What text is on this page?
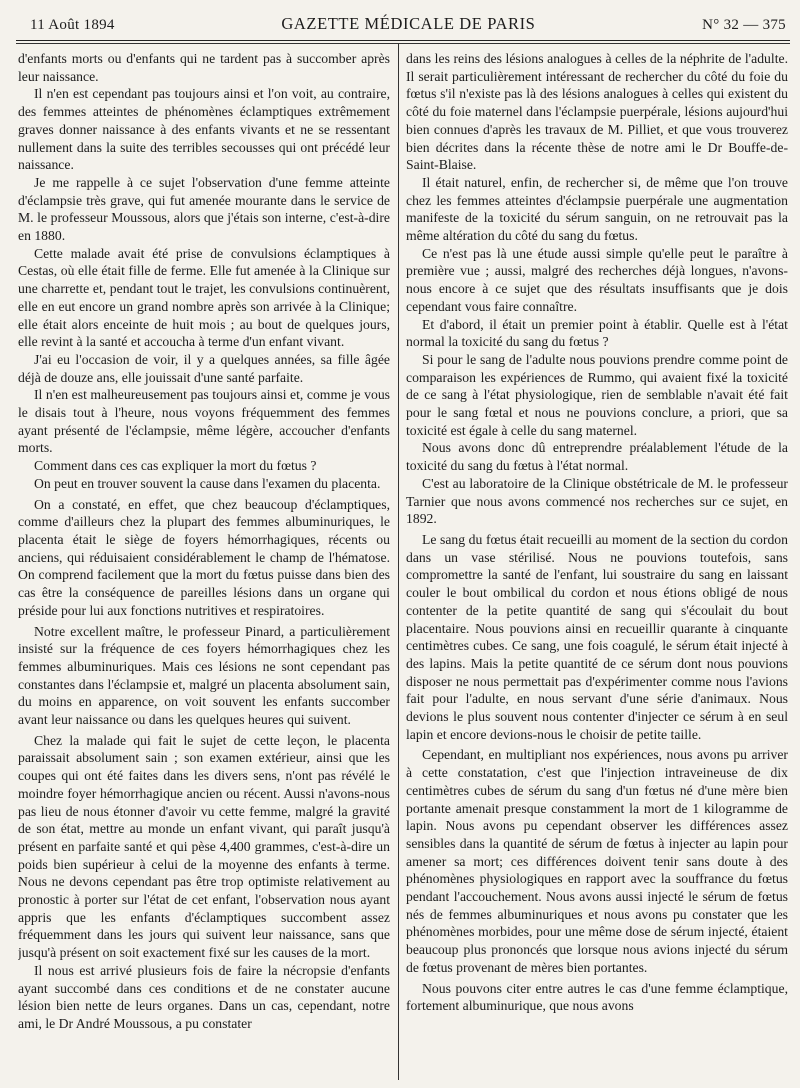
11 Août 1894	GAZETTE MÉDICALE DE PARIS	N° 32 — 375

d'enfants morts ou d'enfants qui ne tardent pas à succomber après leur naissance.

Il n'en est cependant pas toujours ainsi et l'on voit, au contraire, des femmes atteintes de phénomènes éclamptiques extrêmement graves donner naissance à des enfants vivants et ne se ressentant nullement dans la suite des terribles secousses qui ont précédé leur naissance.

Je me rappelle à ce sujet l'observation d'une femme atteinte d'éclampsie très grave, qui fut amenée mourante dans le service de M. le professeur Moussous, alors que j'étais son interne, c'est-à-dire en 1880.

Cette malade avait été prise de convulsions éclamptiques à Cestas, où elle était fille de ferme. Elle fut amenée à la Clinique sur une charrette et, pendant tout le trajet, les convulsions continuèrent, elle en eut encore un grand nombre après son arrivée à la Clinique; elle était alors enceinte de huit mois ; au bout de quelques jours, elle revint à la santé et accoucha à terme d'un enfant vivant.

J'ai eu l'occasion de voir, il y a quelques années, sa fille âgée déjà de douze ans, elle jouissait d'une santé parfaite.

Il n'en est malheureusement pas toujours ainsi et, comme je vous le disais tout à l'heure, nous voyons fréquemment des femmes ayant présenté de l'éclampsie, même légère, accoucher d'enfants morts.

Comment dans ces cas expliquer la mort du fœtus ?

On peut en trouver souvent la cause dans l'examen du placenta.

On a constaté, en effet, que chez beaucoup d'éclamptiques, comme d'ailleurs chez la plupart des femmes albuminuriques, le placenta était le siège de foyers hémorrhagiques, récents ou anciens, qui réduisaient considérablement le champ de l'hématose. On comprend facilement que la mort du fœtus puisse dans bien des cas être la conséquence de pareilles lésions dans un organe qui préside pour lui aux fonctions nutritives et respiratoires.

Notre excellent maître, le professeur Pinard, a particulièrement insisté sur la fréquence de ces foyers hémorrhagiques chez les femmes albuminuriques. Mais ces lésions ne sont cependant pas constantes dans l'éclampsie et, malgré un placenta absolument sain, du moins en apparence, on voit souvent les enfants succomber avant leur naissance ou dans les quelques heures qui suivent.

Chez la malade qui fait le sujet de cette leçon, le placenta paraissait absolument sain ; son examen extérieur, ainsi que les coupes qui ont été faites dans les divers sens, n'ont pas révélé le moindre foyer hémorrhagique ancien ou récent. Aussi n'avons-nous pas lieu de nous étonner d'avoir vu cette femme, malgré la gravité de son état, mettre au monde un enfant vivant, qui paraît jusqu'à présent en parfaite santé et qui pèse 4,400 grammes, c'est-à-dire un poids bien supérieur à celui de la moyenne des enfants à terme. Nous ne devons cependant pas être trop optimiste relativement au pronostic à porter sur l'état de cet enfant, l'observation nous ayant appris que les enfants d'éclamptiques succombent assez fréquemment dans les jours qui suivent leur naissance, sans que jusqu'à présent on soit exactement fixé sur les causes de la mort.

Il nous est arrivé plusieurs fois de faire la nécropsie d'enfants ayant succombé dans ces conditions et de ne constater aucune lésion bien nette de leurs organes. Dans un cas, cependant, notre ami, le Dr André Moussous, a pu constater

dans les reins des lésions analogues à celles de la néphrite de l'adulte. Il serait particulièrement intéressant de rechercher du côté du foie du fœtus s'il n'existe pas là des lésions analogues à celles qui existent du côté du foie maternel dans l'éclampsie puerpérale, lésions aujourd'hui bien connues d'après les travaux de M. Pilliet, et que vous trouverez bien décrites dans la récente thèse de notre ami le Dr Bouffe-de-Saint-Blaise.

Il était naturel, enfin, de rechercher si, de même que l'on trouve chez les femmes atteintes d'éclampsie puerpérale une augmentation manifeste de la toxicité du sérum sanguin, on ne retrouvait pas la même altération du côté du sang du fœtus.

Ce n'est pas là une étude aussi simple qu'elle peut le paraître à première vue ; aussi, malgré des recherches déjà longues, n'avons-nous encore à ce sujet que des résultats insuffisants que je dois cependant vous faire connaître.

Et d'abord, il était un premier point à établir. Quelle est à l'état normal la toxicité du sang du fœtus ?

Si pour le sang de l'adulte nous pouvions prendre comme point de comparaison les expériences de Rummo, qui avaient fixé la toxicité de ce sang à l'état physiologique, rien de semblable n'avait été fait pour le sang fœtal et nous ne pouvions conclure, a priori, que sa toxicité est égale à celle du sang maternel.

Nous avons donc dû entreprendre préalablement l'étude de la toxicité du sang du fœtus à l'état normal.

C'est au laboratoire de la Clinique obstétricale de M. le professeur Tarnier que nous avons commencé nos recherches sur ce sujet, en 1892.

Le sang du fœtus était recueilli au moment de la section du cordon dans un vase stérilisé. Nous ne pouvions toutefois, sans compromettre la santé de l'enfant, lui soustraire du sang en laissant couler le bout ombilical du cordon et nous étions obligé de nous contenter de la petite quantité de sang qui s'écoulait du bout placentaire. Nous pouvions ainsi en recueillir quarante à cinquante centimètres cubes. Ce sang, une fois coagulé, le sérum était injecté à des lapins. Mais la petite quantité de ce sérum dont nous pouvions disposer ne nous permettait pas d'expérimenter comme nous l'avions fait pour l'adulte, en nous servant d'une série d'animaux. Nous devions le plus souvent nous contenter d'injecter ce sérum à en seul lapin et encore devions-nous le choisir de petite taille.

Cependant, en multipliant nos expériences, nous avons pu arriver à cette constatation, c'est que l'injection intraveineuse de dix centimètres cubes de sérum du sang d'un fœtus né d'une mère bien portante amenait presque constamment la mort de 1 kilogramme de lapin. Nous avons pu cependant observer les différences assez sensibles dans la quantité de sérum de fœtus à injecter au lapin pour amener sa mort; ces différences doivent tenir sans doute à des phénomènes physiologiques en rapport avec la souffrance du fœtus pendant l'accouchement. Nous avons aussi injecté le sérum de fœtus nés de femmes albuminuriques et nous avons pu constater que les phénomènes morbides, pour une même dose de sérum injecté, étaient beaucoup plus prononcés que lorsque nous avions injecté du sérum de fœtus provenant de mères bien portantes.

Nous pouvons citer entre autres le cas d'une femme éclamptique, fortement albuminurique, que nous avons
